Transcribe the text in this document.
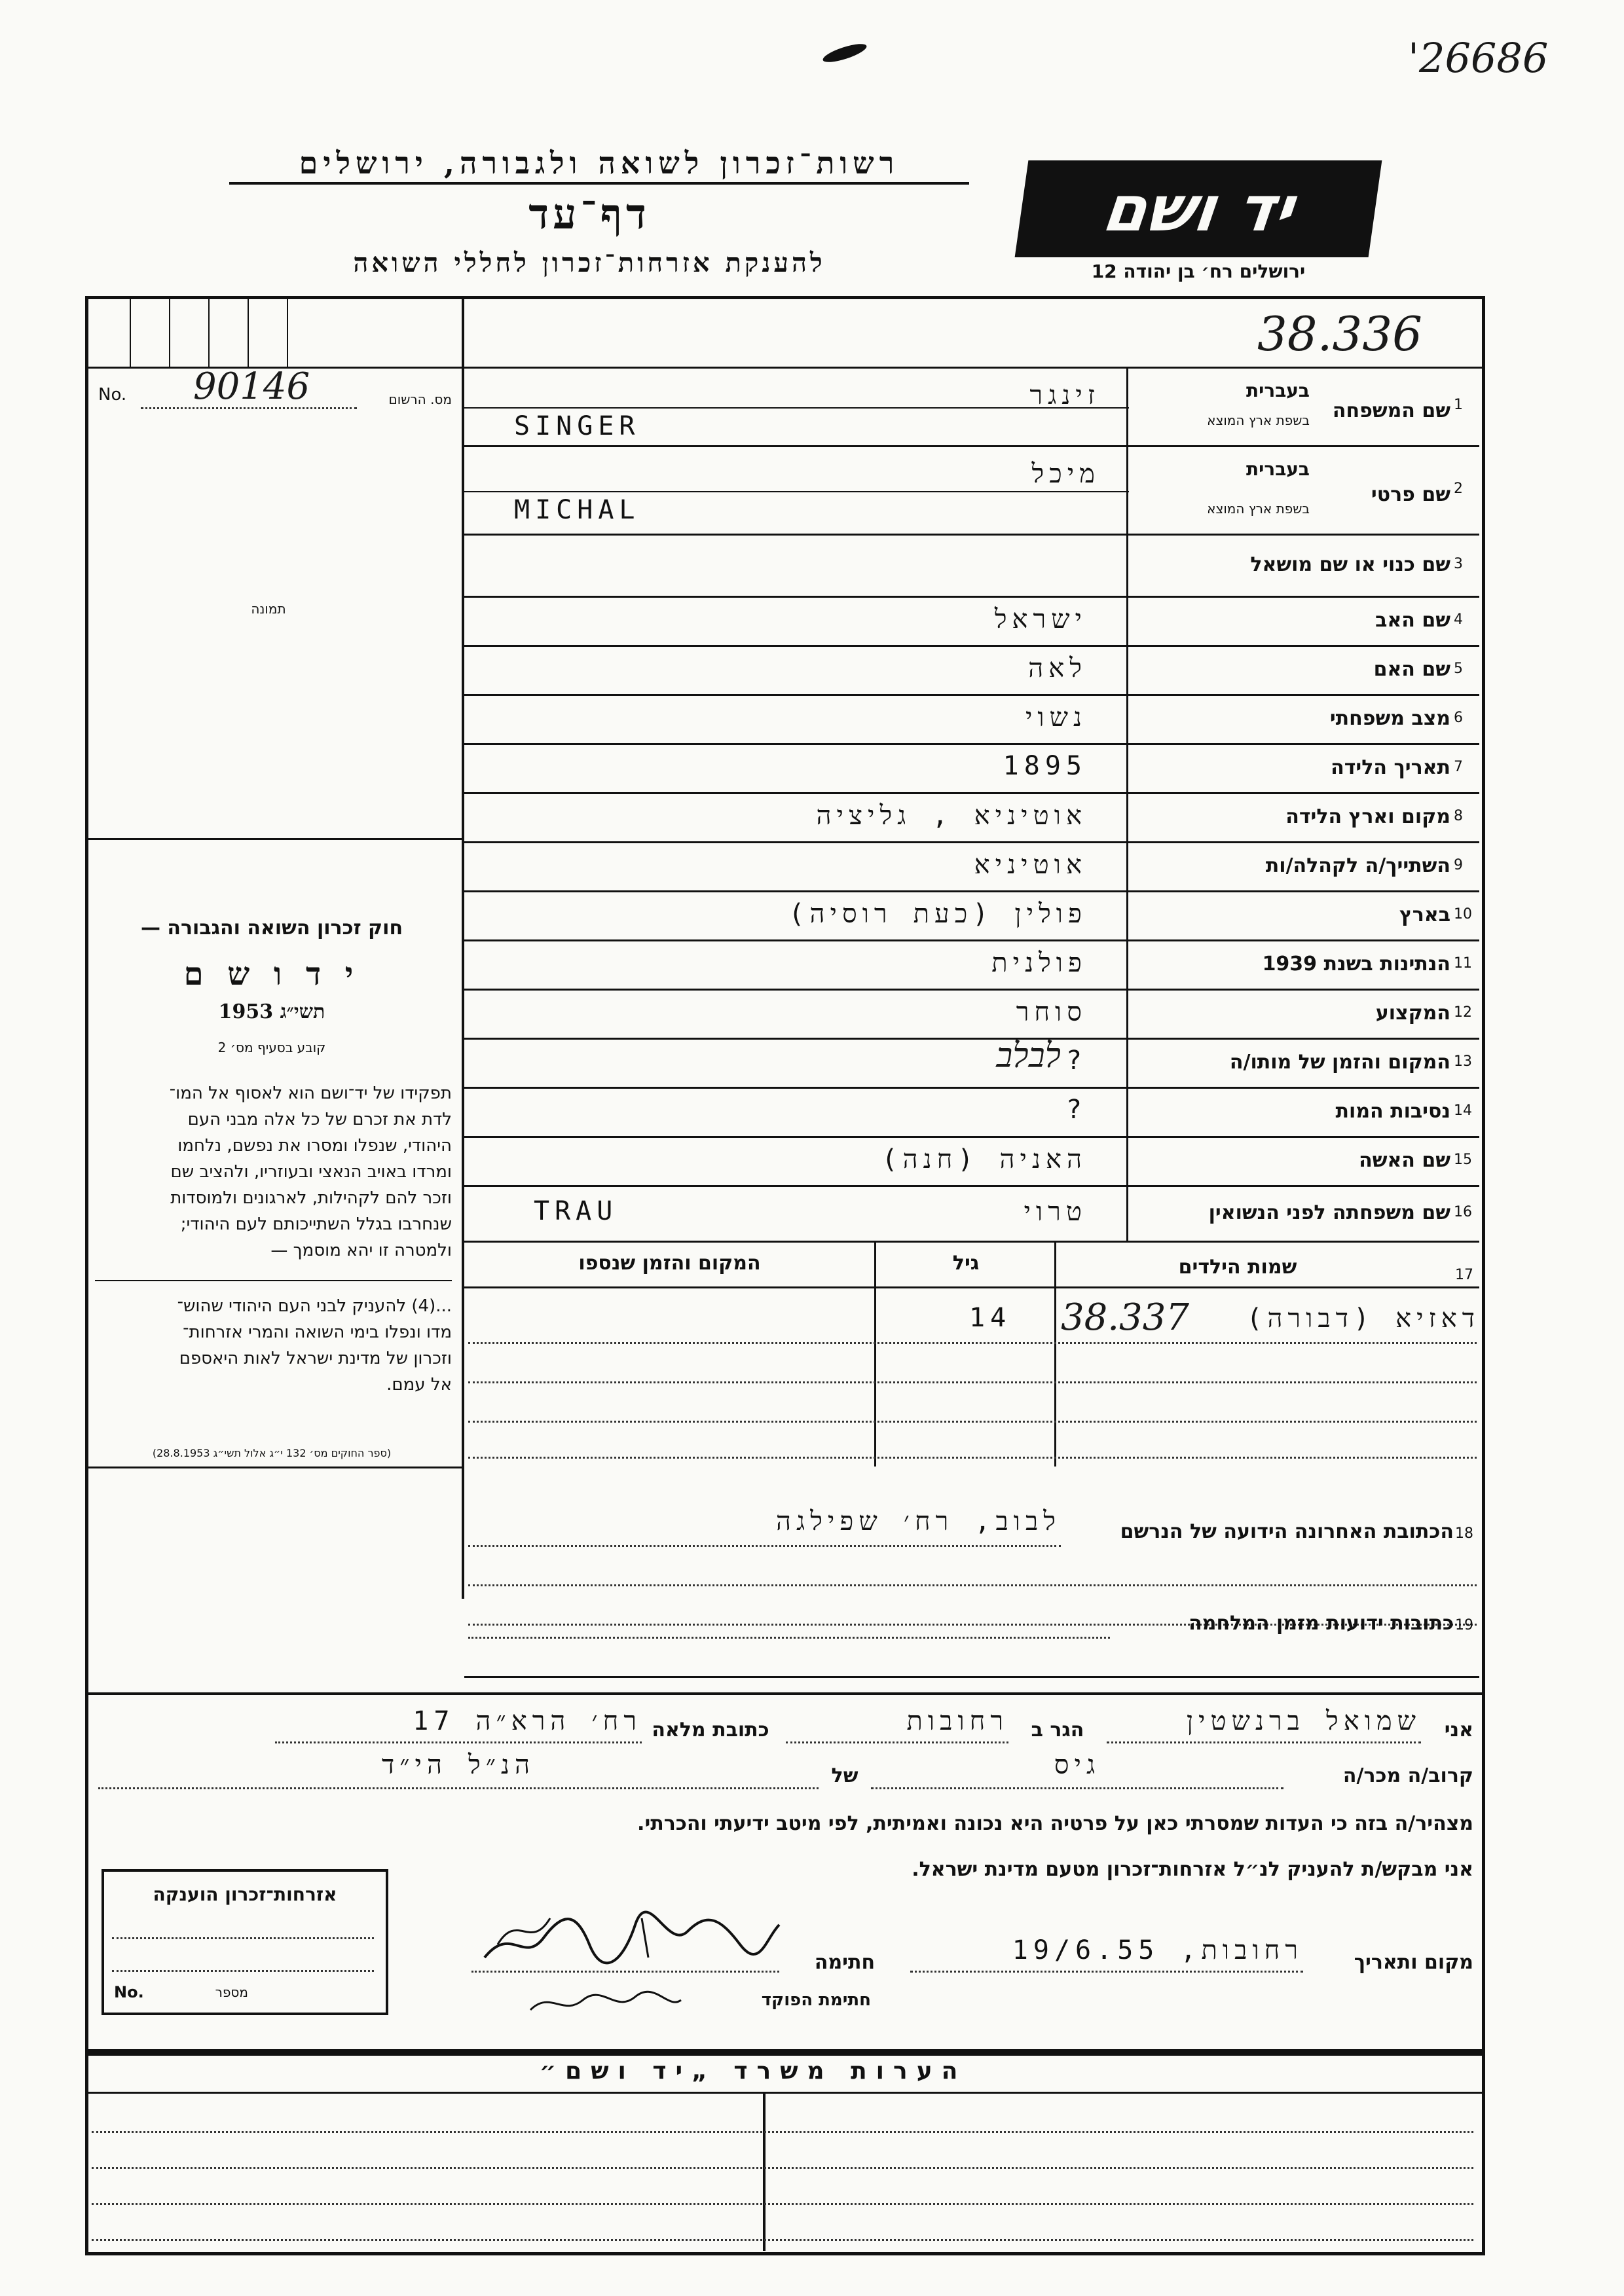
'26686
רשות־זכרון לשואה ולגבורה, ירושלים
דף־עד
להענקת אזרחות־זכרון לחללי השואה
יד ושם
ירושלים רח׳ בן יהודה 12
38.336
No. 90146	מס. הרשום
תמונה
חוק זכרון השואה והגבורה —
י ד ו ש ם
תשי״ג 1953
קובע בסעיף מס׳ 2
תפקידו של יד־ושם הוא לאסוף אל המו־
לדת את זכרם של כל אלה מבני העם
היהודי, שנפלו ומסרו את נפשם, נלחמו
ומרדו באויב הנאצי ובעוזריו, ולהציב שם
וזכר להם לקהילות, לארגונים ולמוסדות
שנחרבו בגלל השתייכותם לעם היהודי;
ולמטרה זו יהא מוסמך —
...(4) להעניק לבני העם היהודי שהוש־
מדו ונפלו בימי השואה והמרי אזרחות־
וזכרון של מדינת ישראל לאות היאספם
אל עמם.
(ספר החוקים מס׳ 132 י״ג אלול תשי״ג 28.8.1953)
1
שם המשפחה
בעברית
בשפת ארץ המוצא
זינגר
SINGER
2
שם פרטי
בעברית
בשפת ארץ המוצא
מיכל
MICHAL
3
שם כנוי או שם מושאל
4
שם האב
ישראל
5
שם האם
לאה
6
מצב משפחתי
נשוי
7
תאריך הלידה
1895
8
מקום וארץ הלידה
אוטיניא , גליציה
9
השתייך/ה לקהלה/ות
אוטיניא
10
בארץ
פולין (כעת רוסיה)
11
הנתינות בשנת 1939
פולנית
12
המקצוע
סוחר
13
המקום והזמן של מותו/ה
?
לבלב
14
נסיבות המות
?
15
שם האשה
האניה (חנה)
16
שם משפחתה לפני הנשואין
טרוי
TRAU
17
שמות הילדים
גיל
המקום והזמן שנספו
דאזיא (דבורה)
38.337
14
18
הכתובת האחרונה הידועה של הנרשם
לבוב, רח׳ שפילגה
19
כתובות ידועות מזמן המלחמה
אני
שמואל ברנשטין
הגר ב
רחובות
כתובת מלאה
רח׳ הרא״ה 17
קרוב/ה מכר/ה
גיס
של
הנ״ל הי״ד
מצהיר/ה בזה כי העדות שמסרתי כאן על פרטיה היא נכונה ואמיתית, לפי מיטב ידיעתי והכרתי.
אני מבקש/ת להעניק לנ״ל אזרחות־זכרון מטעם מדינת ישראל.
אזרחות־זכרון הוענקה
No.	מספר
מקום ותאריך
רחובות, 19/6.55
חתימה
חתימת הפוקד
הערות משרד „יד ושם״
